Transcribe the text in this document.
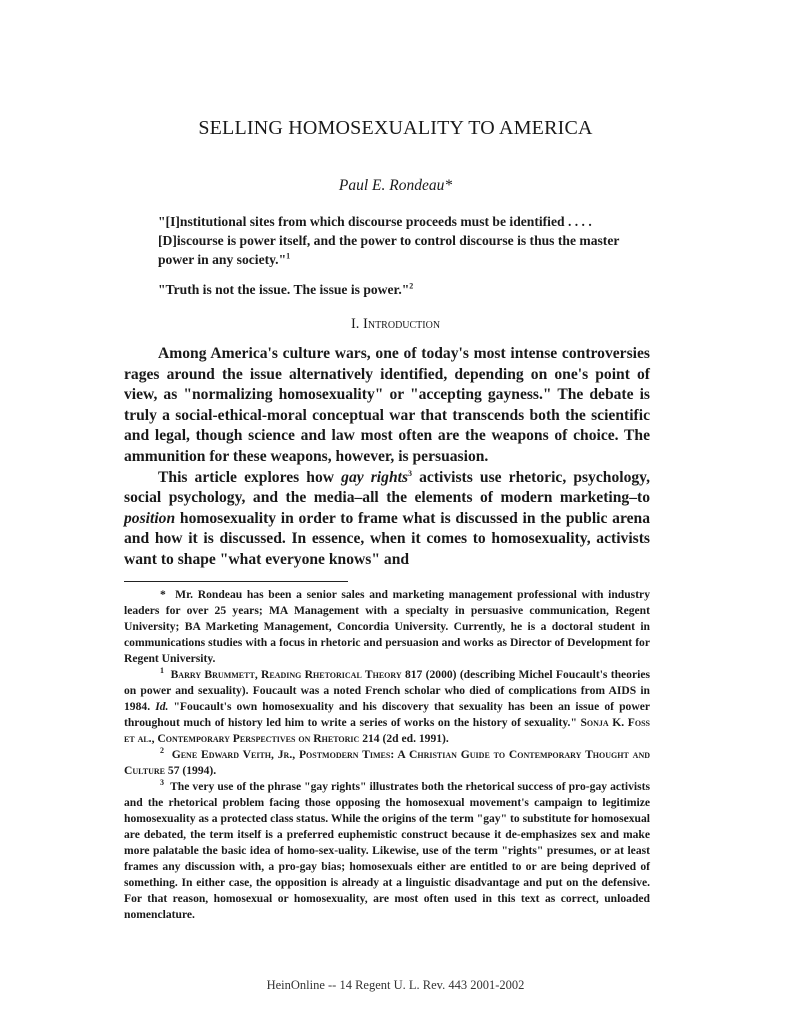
SELLING HOMOSEXUALITY TO AMERICA
Paul E. Rondeau*
"[I]nstitutional sites from which discourse proceeds must be identified . . . . [D]iscourse is power itself, and the power to control discourse is thus the master power in any society."$^1$
"Truth is not the issue. The issue is power."$^2$
I. Introduction

Among America's culture wars, one of today's most intense controversies rages around the issue alternatively identified, depending on one's point of view, as "normalizing homosexuality" or "accepting gayness." The debate is truly a social-ethical-moral conceptual war that transcends both the scientific and legal, though science and law most often are the weapons of choice. The ammunition for these weapons, however, is persuasion.

This article explores how gay rights$^3$ activists use rhetoric, psychology, social psychology, and the media–all the elements of modern marketing–to position homosexuality in order to frame what is discussed in the public arena and how it is discussed. In essence, when it comes to homosexuality, activists want to shape "what everyone knows" and

* Mr. Rondeau has been a senior sales and marketing management professional with industry leaders for over 25 years; MA Management with a specialty in persuasive communication, Regent University; BA Marketing Management, Concordia University. Currently, he is a doctoral student in communications studies with a focus in rhetoric and persuasion and works as Director of Development for Regent University.

$^1$ Barry Brummett, Reading Rhetorical Theory 817 (2000) (describing Michel Foucault's theories on power and sexuality). Foucault was a noted French scholar who died of complications from AIDS in 1984. Id. "Foucault's own homosexuality and his discovery that sexuality has been an issue of power throughout much of history led him to write a series of works on the history of sexuality." Sonja K. Foss et al., Contemporary Perspectives on Rhetoric 214 (2d ed. 1991).

$^2$ Gene Edward Veith, Jr., Postmodern Times: A Christian Guide to Contemporary Thought and Culture 57 (1994).

$^3$ The very use of the phrase "gay rights" illustrates both the rhetorical success of pro-gay activists and the rhetorical problem facing those opposing the homosexual movement's campaign to legitimize homosexuality as a protected class status. While the origins of the term "gay" to substitute for homosexual are debated, the term itself is a preferred euphemistic construct because it de-emphasizes sex and make more palatable the basic idea of homo-sex-uality. Likewise, use of the term "rights" presumes, or at least frames any discussion with, a pro-gay bias; homosexuals either are entitled to or are being deprived of something. In either case, the opposition is already at a linguistic disadvantage and put on the defensive. For that reason, homosexual or homosexuality, are most often used in this text as correct, unloaded nomenclature.

HeinOnline -- 14 Regent U. L. Rev. 443 2001-2002
